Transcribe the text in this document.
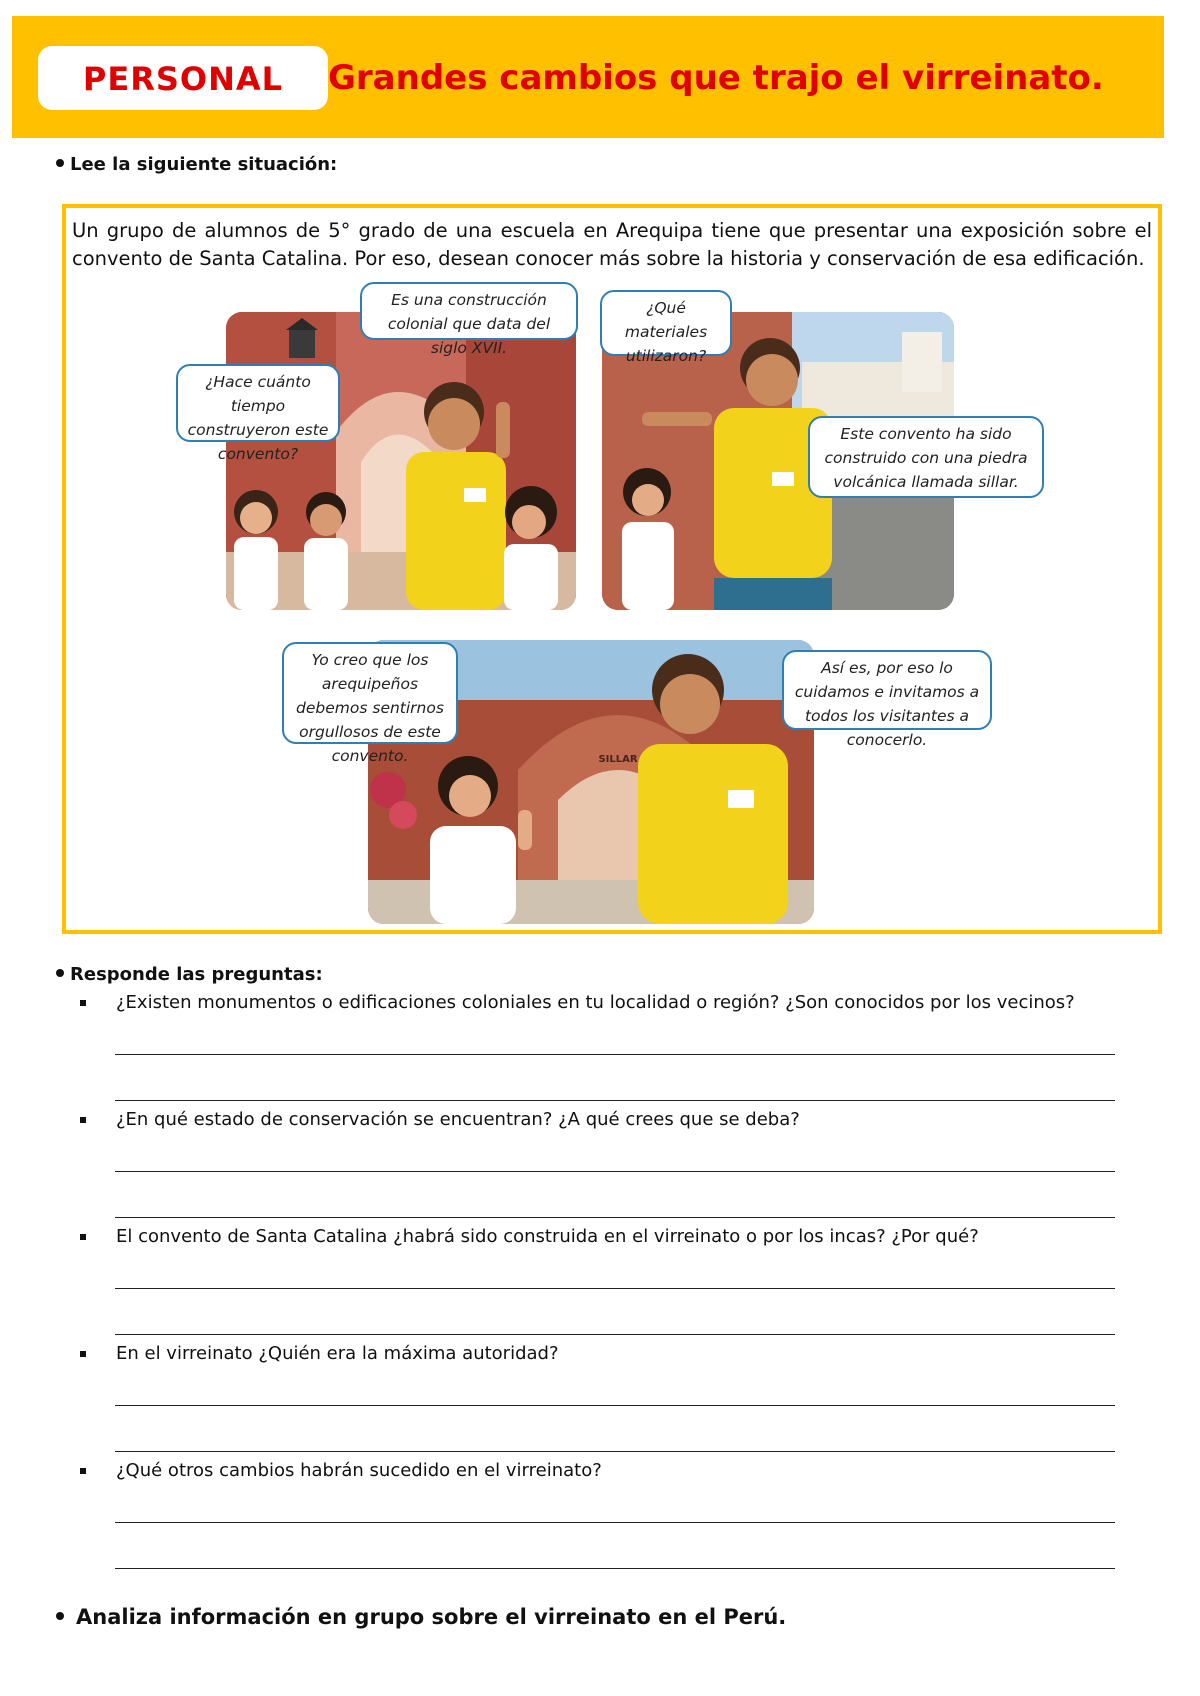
PERSONAL	Grandes cambios que trajo el virreinato.
Lee la siguiente situación:
Un grupo de alumnos de 5° grado de una escuela en Arequipa tiene que presentar una exposición sobre el convento de Santa Catalina. Por eso, desean conocer más sobre la historia y conservación de esa edificación.
¿Hace cuánto tiempo construyeron este convento?
Es una construcción colonial que data del siglo XVII.
¿Qué materiales utilizaron?
Este convento ha sido construido con una piedra volcánica llamada sillar.
SILLAR
Yo creo que los arequipeños debemos sentirnos orgullosos de este convento.
Así es, por eso lo cuidamos e invitamos a todos los visitantes a conocerlo.
Responde las preguntas:
¿Existen monumentos o edificaciones coloniales en tu localidad o región? ¿Son conocidos por los vecinos?
¿En qué estado de conservación se encuentran? ¿A qué crees que se deba?
El convento de Santa Catalina ¿habrá sido construida en el virreinato o por los incas? ¿Por qué?
En el virreinato ¿Quién era la máxima autoridad?
¿Qué otros cambios habrán sucedido en el virreinato?
Analiza información en grupo sobre el virreinato en el Perú.
